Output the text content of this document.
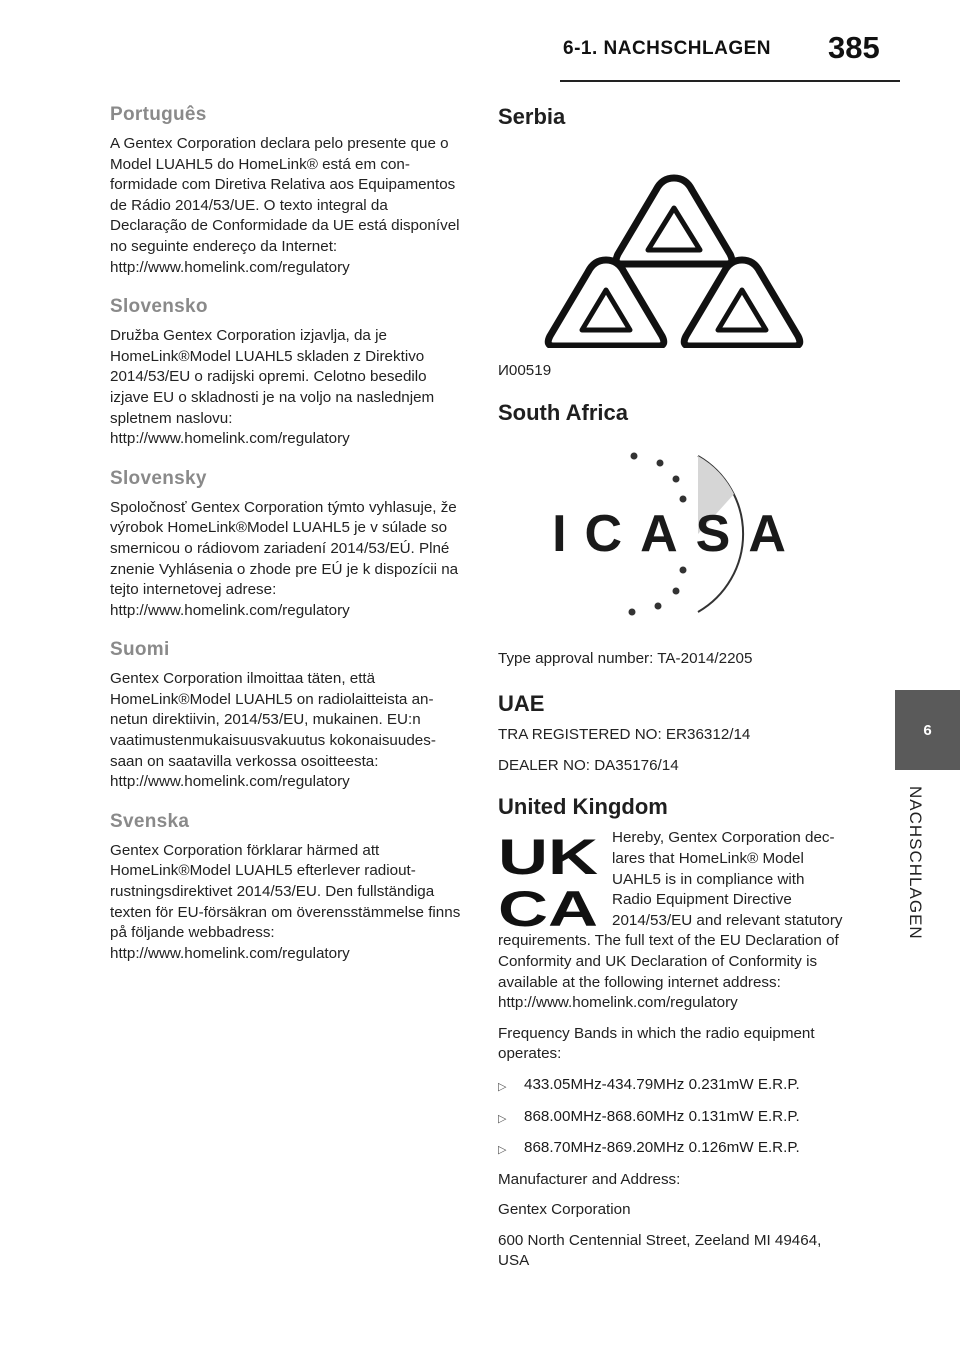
6-1. NACHSCHLAGEN 385
6
NACHSCHLAGEN
Português

A Gentex Corporation declara pelo presente que o Model LUAHL5 do HomeLink® está em conformidade com Diretiva Relativa aos Equipamentos de Rádio 2014/53/UE. O texto integral da Declaração de Conformidade da UE está disponível no seguinte endereço da Internet: http://www.homelink.com/regulatory

Slovensko

Družba Gentex Corporation izjavlja, da je HomeLink®Model LUAHL5 skladen z Direktivo 2014/53/EU o radijski opremi. Celotno besedilo izjave EU o skladnosti je na voljo na naslednjem spletnem naslovu: http://www.homelink.com/regulatory

Slovensky

Spoločnosť Gentex Corporation týmto vyhlasuje, že výrobok HomeLink®Model LUAHL5 je v súlade so smernicou o rádiovom zariadení 2014/53/EÚ. Plné znenie Vyhlásenia o zhode pre EÚ je k dispozícii na tejto internetovej adrese: http://www.homelink.com/regulatory

Suomi

Gentex Corporation ilmoittaa täten, että HomeLink®Model LUAHL5 on radiolaitteista annetun direktiivin, 2014/53/EU, mukainen. EU:n vaatimustenmukaisuusvakuutus kokonaisuudessaan on saatavilla verkossa osoitteesta: http://www.homelink.com/regulatory

Svenska

Gentex Corporation förklarar härmed att HomeLink®Model LUAHL5 efterlever radioutrustningsdirektivet 2014/53/EU. Den fullständiga texten för EU-försäkran om överensstämmelse finns på följande webbadress: http://www.homelink.com/regulatory

Serbia

И00519

South Africa
ICASA

Type approval number: TA-2014/2205

UAE

TRA REGISTERED NO: ER36312/14

DEALER NO: DA35176/14

United Kingdom
UK
CA

Hereby, Gentex Corporation declares that HomeLink® Model UAHL5 is in compliance with Radio Equipment Directive 2014/53/EU and relevant statutory requirements. The full text of the EU Declaration of Conformity and UK Declaration of Conformity is available at the following internet address: http://www.homelink.com/regulatory

Frequency Bands in which the radio equipment operates:

▷	433.05MHz-434.79MHz 0.231mW E.R.P.
▷	868.00MHz-868.60MHz 0.131mW E.R.P.
▷	868.70MHz-869.20MHz 0.126mW E.R.P.

Manufacturer and Address:

Gentex Corporation

600 North Centennial Street, Zeeland MI 49464, USA
